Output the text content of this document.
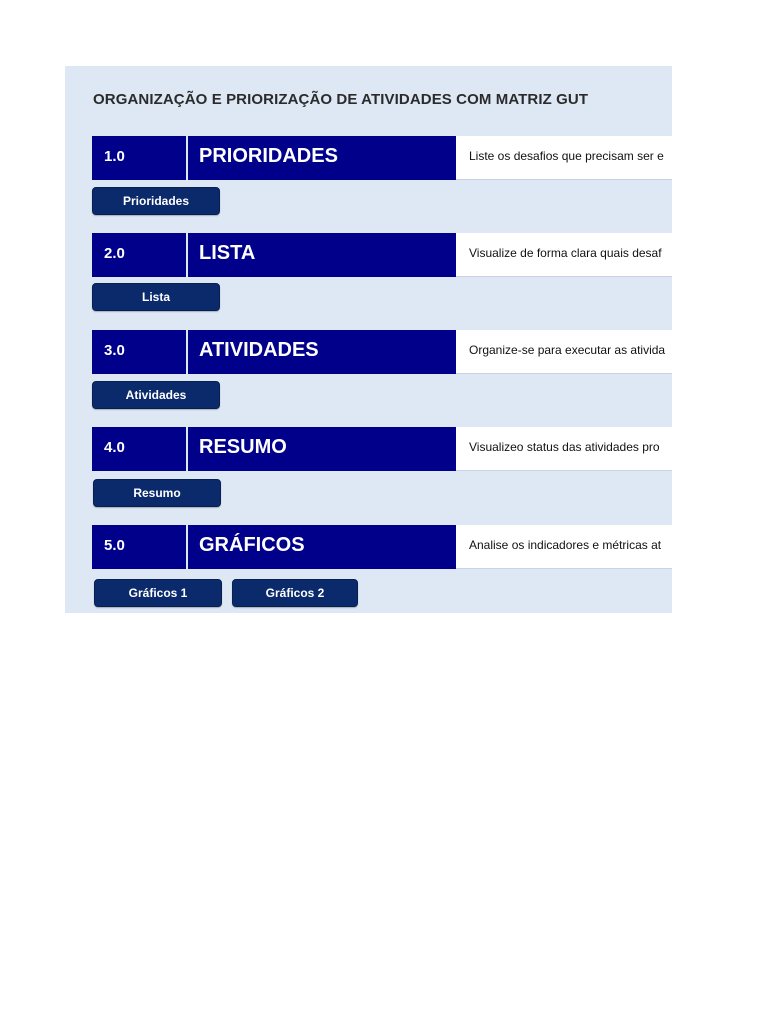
ORGANIZAÇÃO E PRIORIZAÇÃO DE ATIVIDADES COM MATRIZ GUT
1.0	PRIORIDADES	Liste os desafios que precisam ser e
Prioridades
2.0	LISTA	Visualize de forma clara quais desaf
Lista
3.0	ATIVIDADES	Organize-se para executar as ativida
Atividades
4.0	RESUMO	Visualizeo status das atividades pro
Resumo
5.0	GRÁFICOS	Analise os indicadores e métricas at
Gráficos 1	Gráficos 2
